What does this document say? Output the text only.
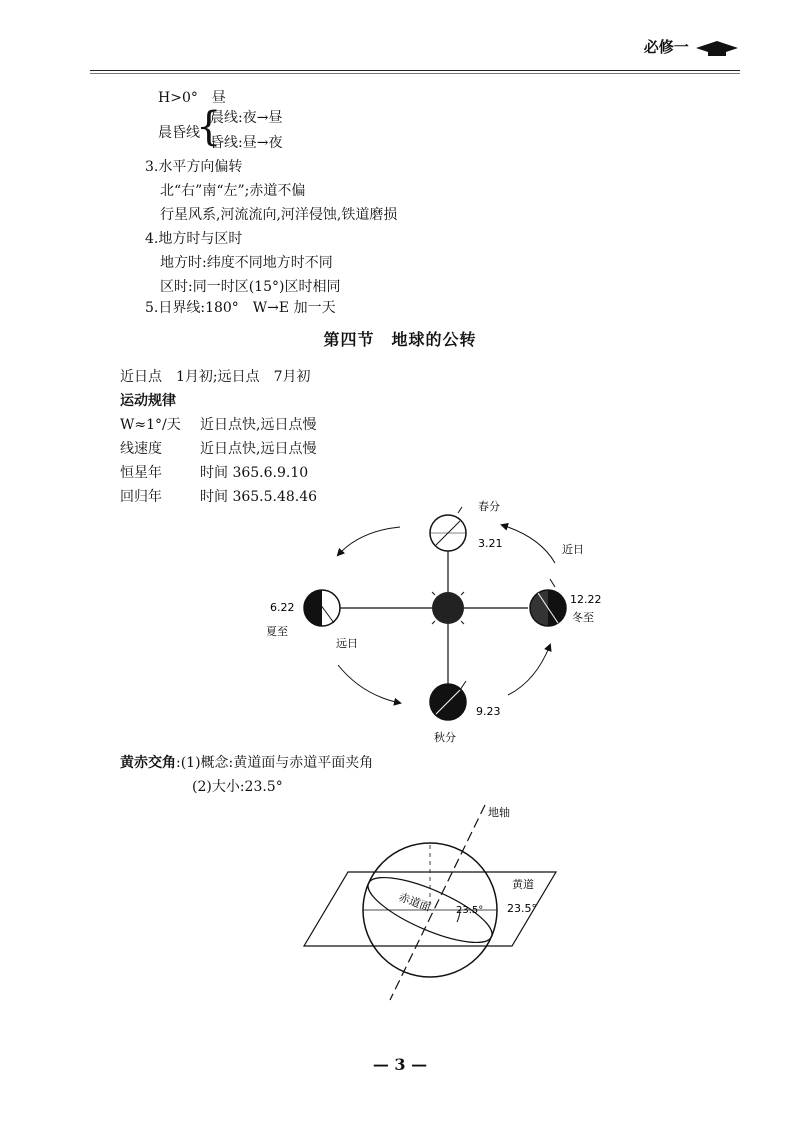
必修一
H>0°　昼
晨昏线
{
晨线:夜→昼
昏线:昼→夜
3.水平方向偏转
北“右”南“左”;赤道不偏
行星风系,河流流向,河洋侵蚀,铁道磨损
4.地方时与区时
地方时:纬度不同地方时不同
区时:同一时区(15°)区时相同
5.日界线:180°　W→E 加一天
第四节　地球的公转
近日点　1月初;远日点　7月初
运动规律
W≈1°/天 近日点快,远日点慢
线速度	近日点快,远日点慢
恒星年	时间 365.6.9.10
回归年	时间 365.5.48.46
春分
3.21	近日
6.22
夏至
远日
12.22
冬至
9.23
秋分
黄赤交角:(1)概念:黄道面与赤道平面夹角
(2)大小:23.5°
地轴
黄道
赤道面 23.5° 23.5°
— 3 —
